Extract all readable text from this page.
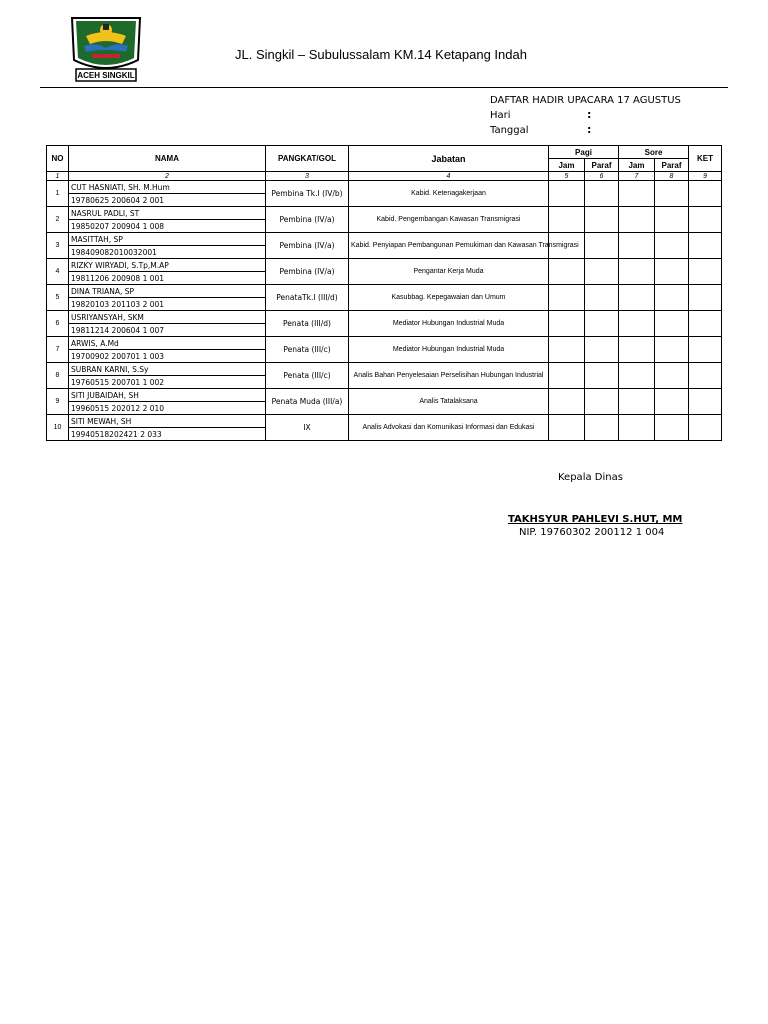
ACEH SINGKIL
JL. Singkil – Subulussalam KM.14 Ketapang Indah
DAFTAR HADIR UPACARA 17 AGUSTUS
Hari	:
Tanggal	:
NO	NAMA	PANGKAT/GOL	Jabatan	Pagi		Sore		KET
				Jam	Paraf	Jam	Paraf	
1	2	3	4	5	6	7	8	9
1	CUT HASNIATI, SH. M.Hum	Pembina Tk.I (IV/b)	Kabid. Ketenagakerjaan					
	19780625 200604 2 001							
2	NASRUL PADLI, ST	Pembina (IV/a)	Kabid. Pengembangan Kawasan Transmigrasi					
	19850207 200904 1 008							
3	MASITTAH, SP	Pembina (IV/a)	Kabid. Penyiapan Pembangunan Pemukiman dan Kawasan Transmigrasi					
	198409082010032001							
4	RIZKY WIRYADI, S.Tp,M.AP	Pembina (IV/a)	Pengantar Kerja Muda					
	19811206 200908 1 001							
5	DINA TRIANA, SP	PenataTk.I (III/d)	Kasubbag. Kepegawaian dan Umum					
	19820103 201103 2 001							
6	USRIYANSYAH, SKM	Penata (III/d)	Mediator Hubungan Industrial Muda					
	19811214 200604 1 007							
7	ARWIS, A.Md	Penata (III/c)	Mediator Hubungan Industrial Muda					
	19700902 200701 1 003							
8	SUBRAN KARNI, S.Sy	Penata (III/c)	Analis Bahan Penyelesaian Perselisihan Hubungan Industrial					
	19760515 200701 1 002							
9	SITI JUBAIDAH, SH	Penata Muda (III/a)	Analis Tatalaksana					
	19960515 202012 2 010							
10	SITI MEWAH, SH	IX	Analis Advokasi dan Komunikasi Informasi dan Edukasi					
	19940518202421 2 033							
Kepala Dinas
TAKHSYUR PAHLEVI S.HUT, MM
NIP. 19760302 200112 1 004
